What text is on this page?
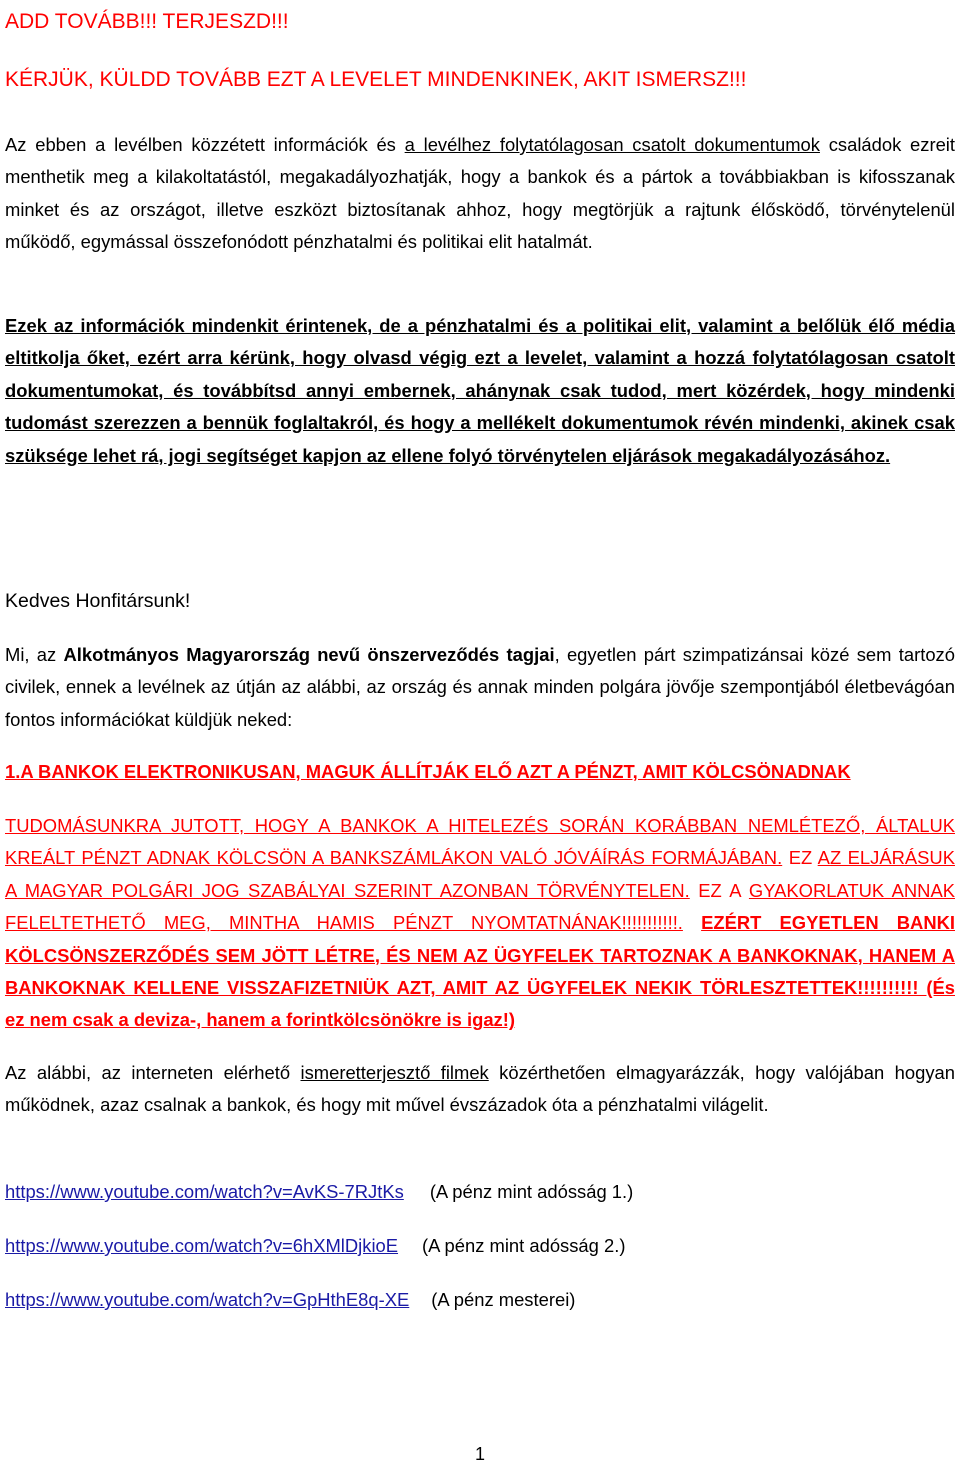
ADD TOVÁBB!!! TERJESZD!!!

KÉRJÜK, KÜLDD TOVÁBB EZT A LEVELET MINDENKINEK, AKIT ISMERSZ!!!

Az ebben a levélben közzétett információk és a levélhez folytatólagosan csatolt dokumentumok családok ezreit menthetik meg a kilakoltatástól, megakadályozhatják, hogy a bankok és a pártok a továbbiakban is kifosszanak minket és az országot, illetve eszközt biztosítanak ahhoz, hogy megtörjük a rajtunk élősködő, törvénytelenül működő, egymással összefonódott pénzhatalmi és politikai elit hatalmát.

Ezek az információk mindenkit érintenek, de a pénzhatalmi és a politikai elit, valamint a belőlük élő média eltitkolja őket, ezért arra kérünk, hogy olvasd végig ezt a levelet, valamint a hozzá folytatólagosan csatolt dokumentumokat, és továbbítsd annyi embernek, ahánynak csak tudod, mert közérdek, hogy mindenki tudomást szerezzen a bennük foglaltakról, és hogy a mellékelt dokumentumok révén mindenki, akinek csak szüksége lehet rá, jogi segítséget kapjon az ellene folyó törvénytelen eljárások megakadályozásához.

Kedves Honfitársunk!

Mi, az Alkotmányos Magyarország nevű önszerveződés tagjai, egyetlen párt szimpatizánsai közé sem tartozó civilek, ennek a levélnek az útján az alábbi, az ország és annak minden polgára jövője szempontjából életbevágóan fontos információkat küldjük neked:

1.A BANKOK ELEKTRONIKUSAN, MAGUK ÁLLÍTJÁK ELŐ AZT A PÉNZT, AMIT KÖLCSÖNADNAK

TUDOMÁSUNKRA JUTOTT, HOGY A BANKOK A HITELEZÉS SORÁN KORÁBBAN NEMLÉTEZŐ, ÁLTALUK KREÁLT PÉNZT ADNAK KÖLCSÖN A BANKSZÁMLÁKON VALÓ JÓVÁÍRÁS FORMÁJÁBAN. EZ AZ ELJÁRÁSUK A MAGYAR POLGÁRI JOG SZABÁLYAI SZERINT AZONBAN TÖRVÉNYTELEN. EZ A GYAKORLATUK ANNAK FELELTETHETŐ MEG, MINTHA HAMIS PÉNZT NYOMTATNÁNAK!!!!!!!!!!!. EZÉRT EGYETLEN BANKI KÖLCSÖNSZERZŐDÉS SEM JÖTT LÉTRE, ÉS NEM AZ ÜGYFELEK TARTOZNAK A BANKOKNAK, HANEM A BANKOKNAK KELLENE VISSZAFIZETNIÜK AZT, AMIT AZ ÜGYFELEK NEKIK TÖRLESZTETTEK!!!!!!!!!! (És ez nem csak a deviza-, hanem a forintkölcsönökre is igaz!)

Az alábbi, az interneten elérhető ismeretterjesztő filmek közérthetően elmagyarázzák, hogy valójában hogyan működnek, azaz csalnak a bankok, és hogy mit művel évszázadok óta a pénzhatalmi világelit.

https://www.youtube.com/watch?v=AvKS-7RJtKs (A pénz mint adósság 1.)
https://www.youtube.com/watch?v=6hXMlDjkioE (A pénz mint adósság 2.)
https://www.youtube.com/watch?v=GpHthE8q-XE (A pénz mesterei)
1
